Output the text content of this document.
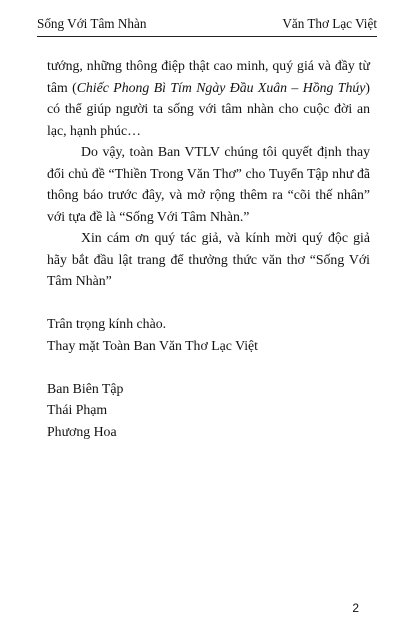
Sống Với Tâm Nhàn	Văn Thơ Lạc Việt

tướng, những thông điệp thật cao minh, quý giá và đầy từ tâm (Chiếc Phong Bì Tím Ngày Đầu Xuân – Hồng Thúy) có thể giúp người ta sống với tâm nhàn cho cuộc đời an lạc, hạnh phúc…

Do vậy, toàn Ban VTLV chúng tôi quyết định thay đổi chủ đề “Thiền Trong Văn Thơ” cho Tuyển Tập như đã thông báo trước đây, và mở rộng thêm ra “cõi thế nhân” với tựa đề là “Sống Với Tâm Nhàn.”

Xin cám ơn quý tác giả, và kính mời quý độc giả hãy bắt đầu lật trang để thưởng thức văn thơ “Sống Với Tâm Nhàn”

Trân trọng kính chào.

Thay mặt Toàn Ban Văn Thơ Lạc Việt

Ban Biên Tập

Thái Phạm

Phương Hoa

2
